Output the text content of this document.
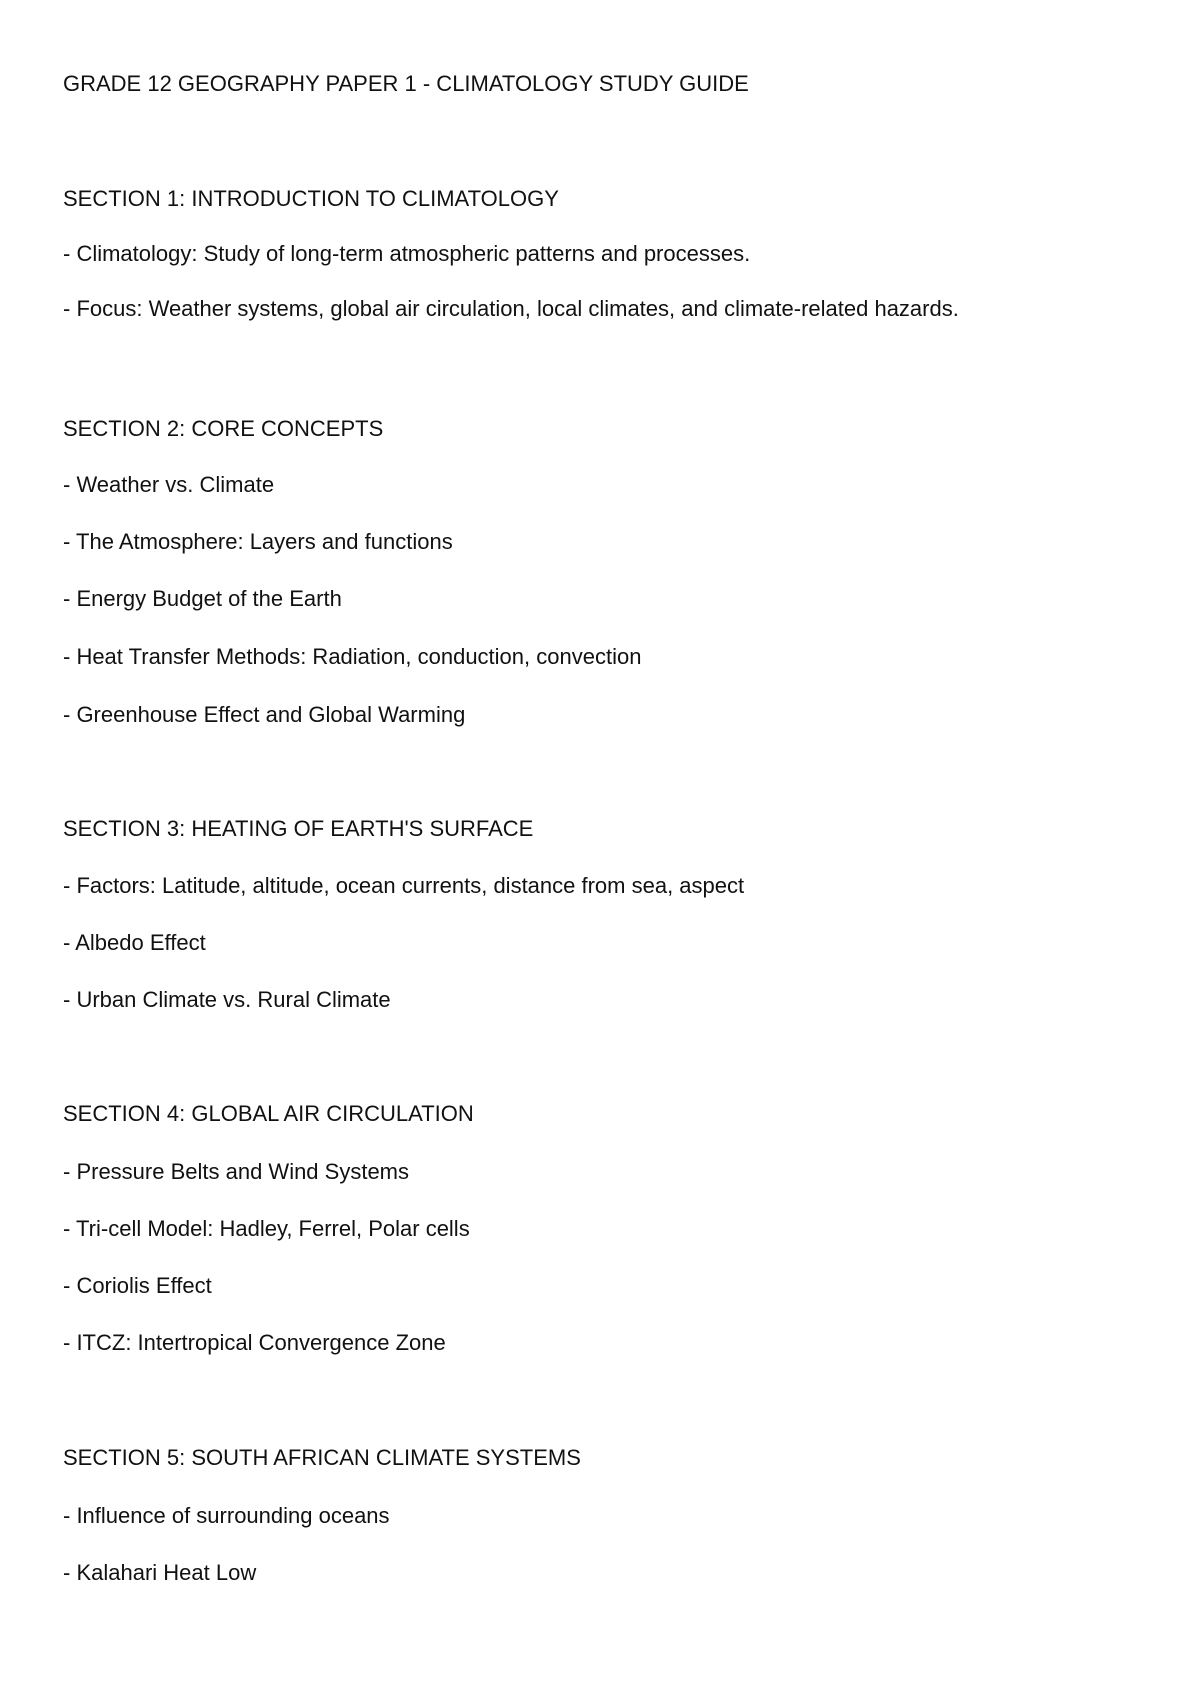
GRADE 12 GEOGRAPHY PAPER 1 - CLIMATOLOGY STUDY GUIDE
SECTION 1: INTRODUCTION TO CLIMATOLOGY
- Climatology: Study of long-term atmospheric patterns and processes.
- Focus: Weather systems, global air circulation, local climates, and climate-related hazards.
SECTION 2: CORE CONCEPTS
- Weather vs. Climate
- The Atmosphere: Layers and functions
- Energy Budget of the Earth
- Heat Transfer Methods: Radiation, conduction, convection
- Greenhouse Effect and Global Warming
SECTION 3: HEATING OF EARTH'S SURFACE
- Factors: Latitude, altitude, ocean currents, distance from sea, aspect
- Albedo Effect
- Urban Climate vs. Rural Climate
SECTION 4: GLOBAL AIR CIRCULATION
- Pressure Belts and Wind Systems
- Tri-cell Model: Hadley, Ferrel, Polar cells
- Coriolis Effect
- ITCZ: Intertropical Convergence Zone
SECTION 5: SOUTH AFRICAN CLIMATE SYSTEMS
- Influence of surrounding oceans
- Kalahari Heat Low
